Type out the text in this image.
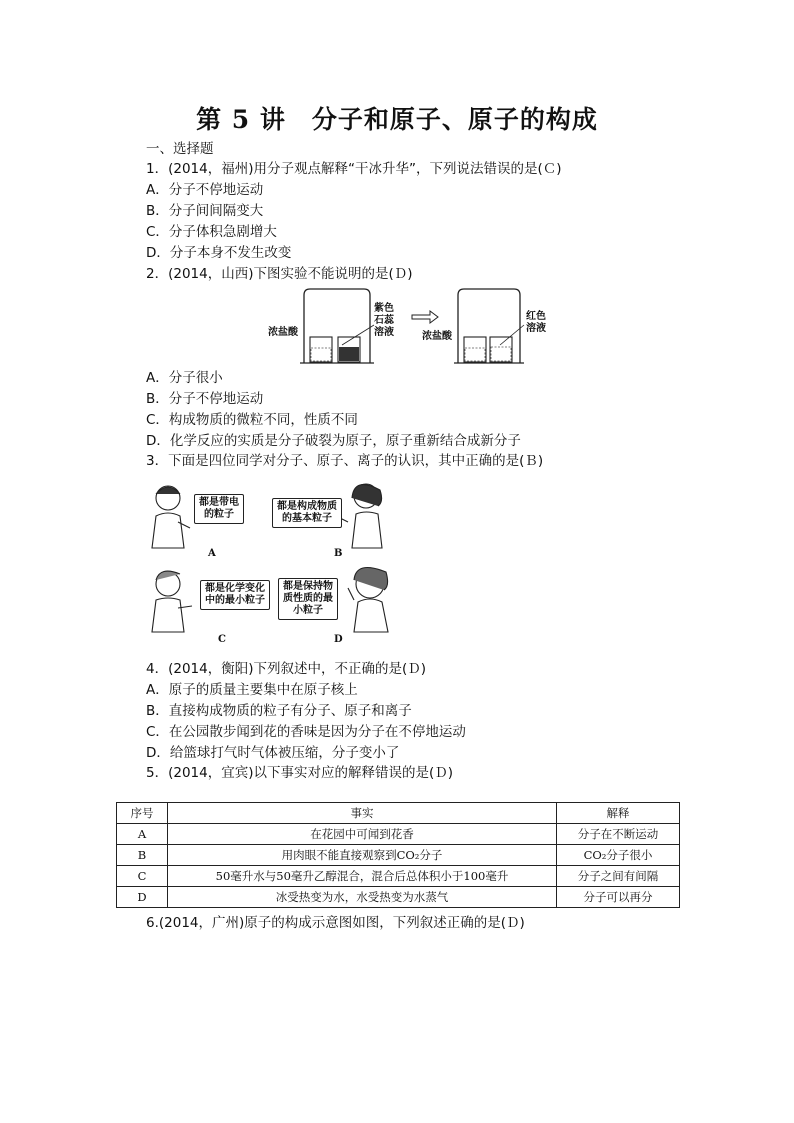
第 5 讲　分子和原子、原子的构成
一、选择题
1．(2014，福州)用分子观点解释“干冰升华”，下列说法错误的是(Ｃ)
A．分子不停地运动
B．分子间间隔变大
C．分子体积急剧增大
D．分子本身不发生改变
2．(2014，山西)下图实验不能说明的是(Ｄ)
浓盐酸
紫色
石蕊
溶液	浓盐酸
红色
溶液
A．分子很小
B．分子不停地运动
C．构成物质的微粒不同，性质不同
D．化学反应的实质是分子破裂为原子，原子重新结合成新分子
3．下面是四位同学对分子、原子、离子的认识，其中正确的是(Ｂ)
都是带电
的粒子
都是构成物质
的基本粒子
都是化学变化
中的最小粒子
都是保持物
质性质的最
小粒子
A	B
C	D
4．(2014，衡阳)下列叙述中，不正确的是(Ｄ)
A．原子的质量主要集中在原子核上
B．直接构成物质的粒子有分子、原子和离子
C．在公园散步闻到花的香味是因为分子在不停地运动
D．给篮球打气时气体被压缩，分子变小了
5．(2014，宜宾)以下事实对应的解释错误的是(Ｄ)
序号	事实	解释
A	在花园中可闻到花香	分子在不断运动
B	用肉眼不能直接观察到CO₂分子	CO₂分子很小
C	50毫升水与50毫升乙醇混合，混合后总体积小于100毫升	分子之间有间隔
D	冰受热变为水，水受热变为水蒸气	分子可以再分
6.(2014，广州)原子的构成示意图如图，下列叙述正确的是(Ｄ)
